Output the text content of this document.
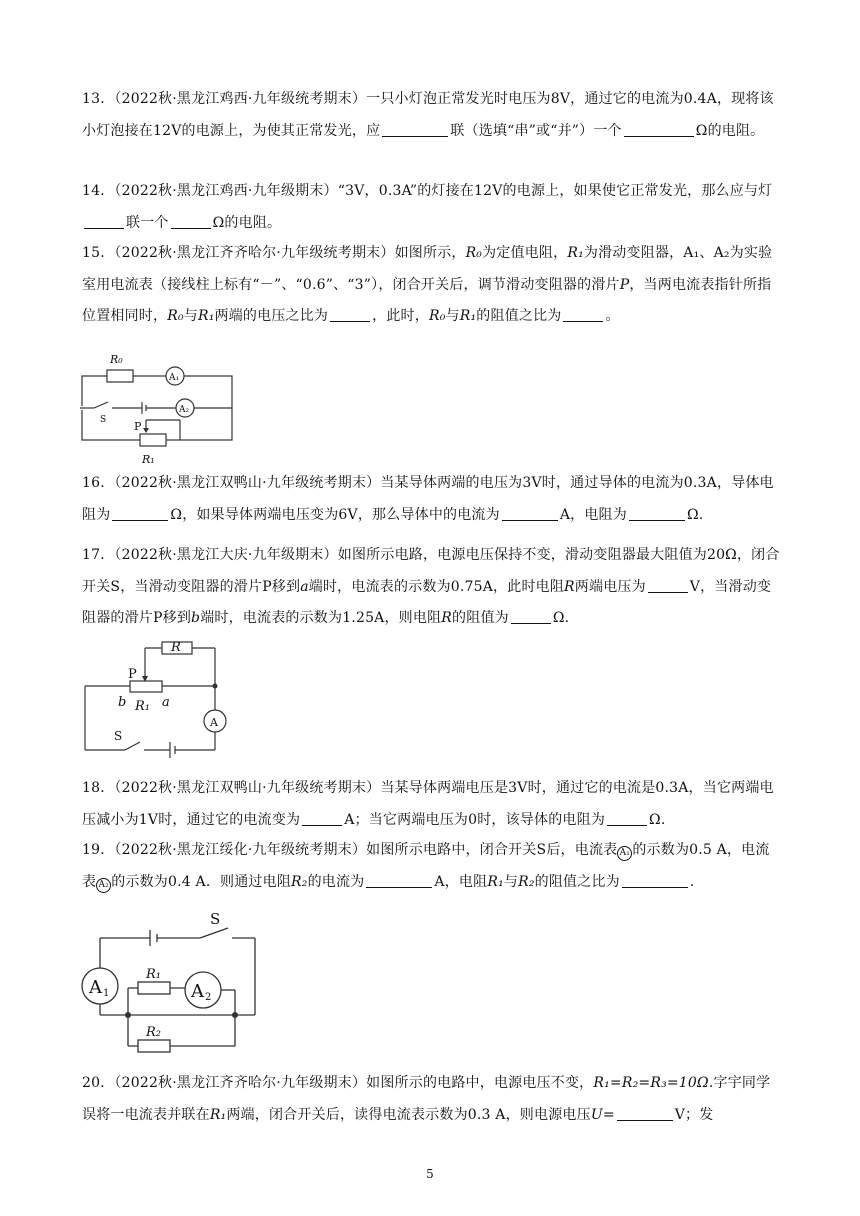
13．（2022秋·黑龙江鸡西·九年级统考期末）一只小灯泡正常发光时电压为8V，通过它的电流为0.4A，现将该小灯泡接在12V的电源上，为使其正常发光，应	联（选填“串”或“并”）一个	Ω的电阻。
14．（2022秋·黑龙江鸡西·九年级期末）“3V，0.3A”的灯接在12V的电源上，如果使它正常发光，那么应与灯联一个	Ω的电阻。
15．（2022秋·黑龙江齐齐哈尔·九年级统考期末）如图所示，R₀为定值电阻，R₁为滑动变阻器，A₁、A₂为实验室用电流表（接线柱上标有“－”、“0.6”、“3”），闭合开关后，调节滑动变阻器的滑片P，当两电流表指针所指位置相同时，R₀与R₁两端的电压之比为	，此时，R₀与R₁的阻值之比为	。
R₀
A₁
A₂
S	P
R₁
16．（2022秋·黑龙江双鸭山·九年级统考期末）当某导体两端的电压为3V时，通过导体的电流为0.3A，导体电阻为	Ω，如果导体两端电压变为6V，那么导体中的电流为	A，电阻为	Ω.
17．（2022秋·黑龙江大庆·九年级期末）如图所示电路，电源电压保持不变，滑动变阻器最大阻值为20Ω，闭合开关S，当滑动变阻器的滑片P移到a端时，电流表的示数为0.75A，此时电阻R两端电压为	V，当滑动变阻器的滑片P移到b端时，电流表的示数为1.25A，则电阻R的阻值为	Ω.
P
R
b R₁ a
A
S
18．（2022秋·黑龙江双鸭山·九年级统考期末）当某导体两端电压是3V时，通过它的电流是0.3A，当它两端电压减小为1V时，通过它的电流变为	A；当它两端电压为0时，该导体的电阻为	Ω.
19．（2022秋·黑龙江绥化·九年级统考期末）如图所示电路中，闭合开关S后，电流表 A₁ 的示数为0.5 A，电流表 A₂ 的示数为0.4 A．则通过电阻R₂的电流为	A，电阻R₁与R₂的阻值之比为	.
S
A 1
R₁
A 2
R₂
20．（2022秋·黑龙江齐齐哈尔·九年级期末）如图所示的电路中，电源电压不变，R₁=R₂=R₃=10Ω.字宇同学误将一电流表并联在R₁两端，闭合开关后，读得电流表示数为0.3 A，则电源电压U=	V；发
5
